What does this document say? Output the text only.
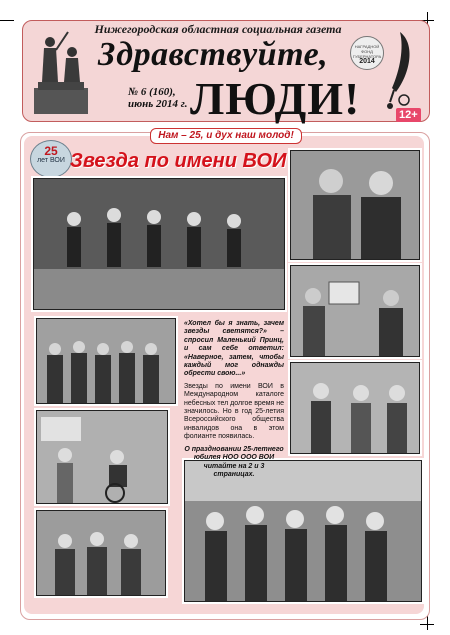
Нижегородская областная социальная газета
Здравствуйте,
ЛЮДИ!
№ 6 (160),
июнь 2014 г.
НАГРАДНОЙ ФОНД ГУБЕРНАТОРА
2014
12+
Нам – 25, и дух наш молод!
25
лет ВОИ Звезда по имени ВОИ

«Хотел бы я знать, зачем звезды светятся?» – спросил Маленький Принц, и сам себе ответил: «Наверное, затем, чтобы каждый мог однажды обрести свою...»

Звезды по имени ВОИ в Международном каталоге небесных тел долгое время не значилось. Но в год 25-летия Всероссийского общества инвалидов она в этом фолианте появилась.

О праздновании 25-летнего юбилея НОО ООО ВОИ читайте на 2 и 3 страницах.
